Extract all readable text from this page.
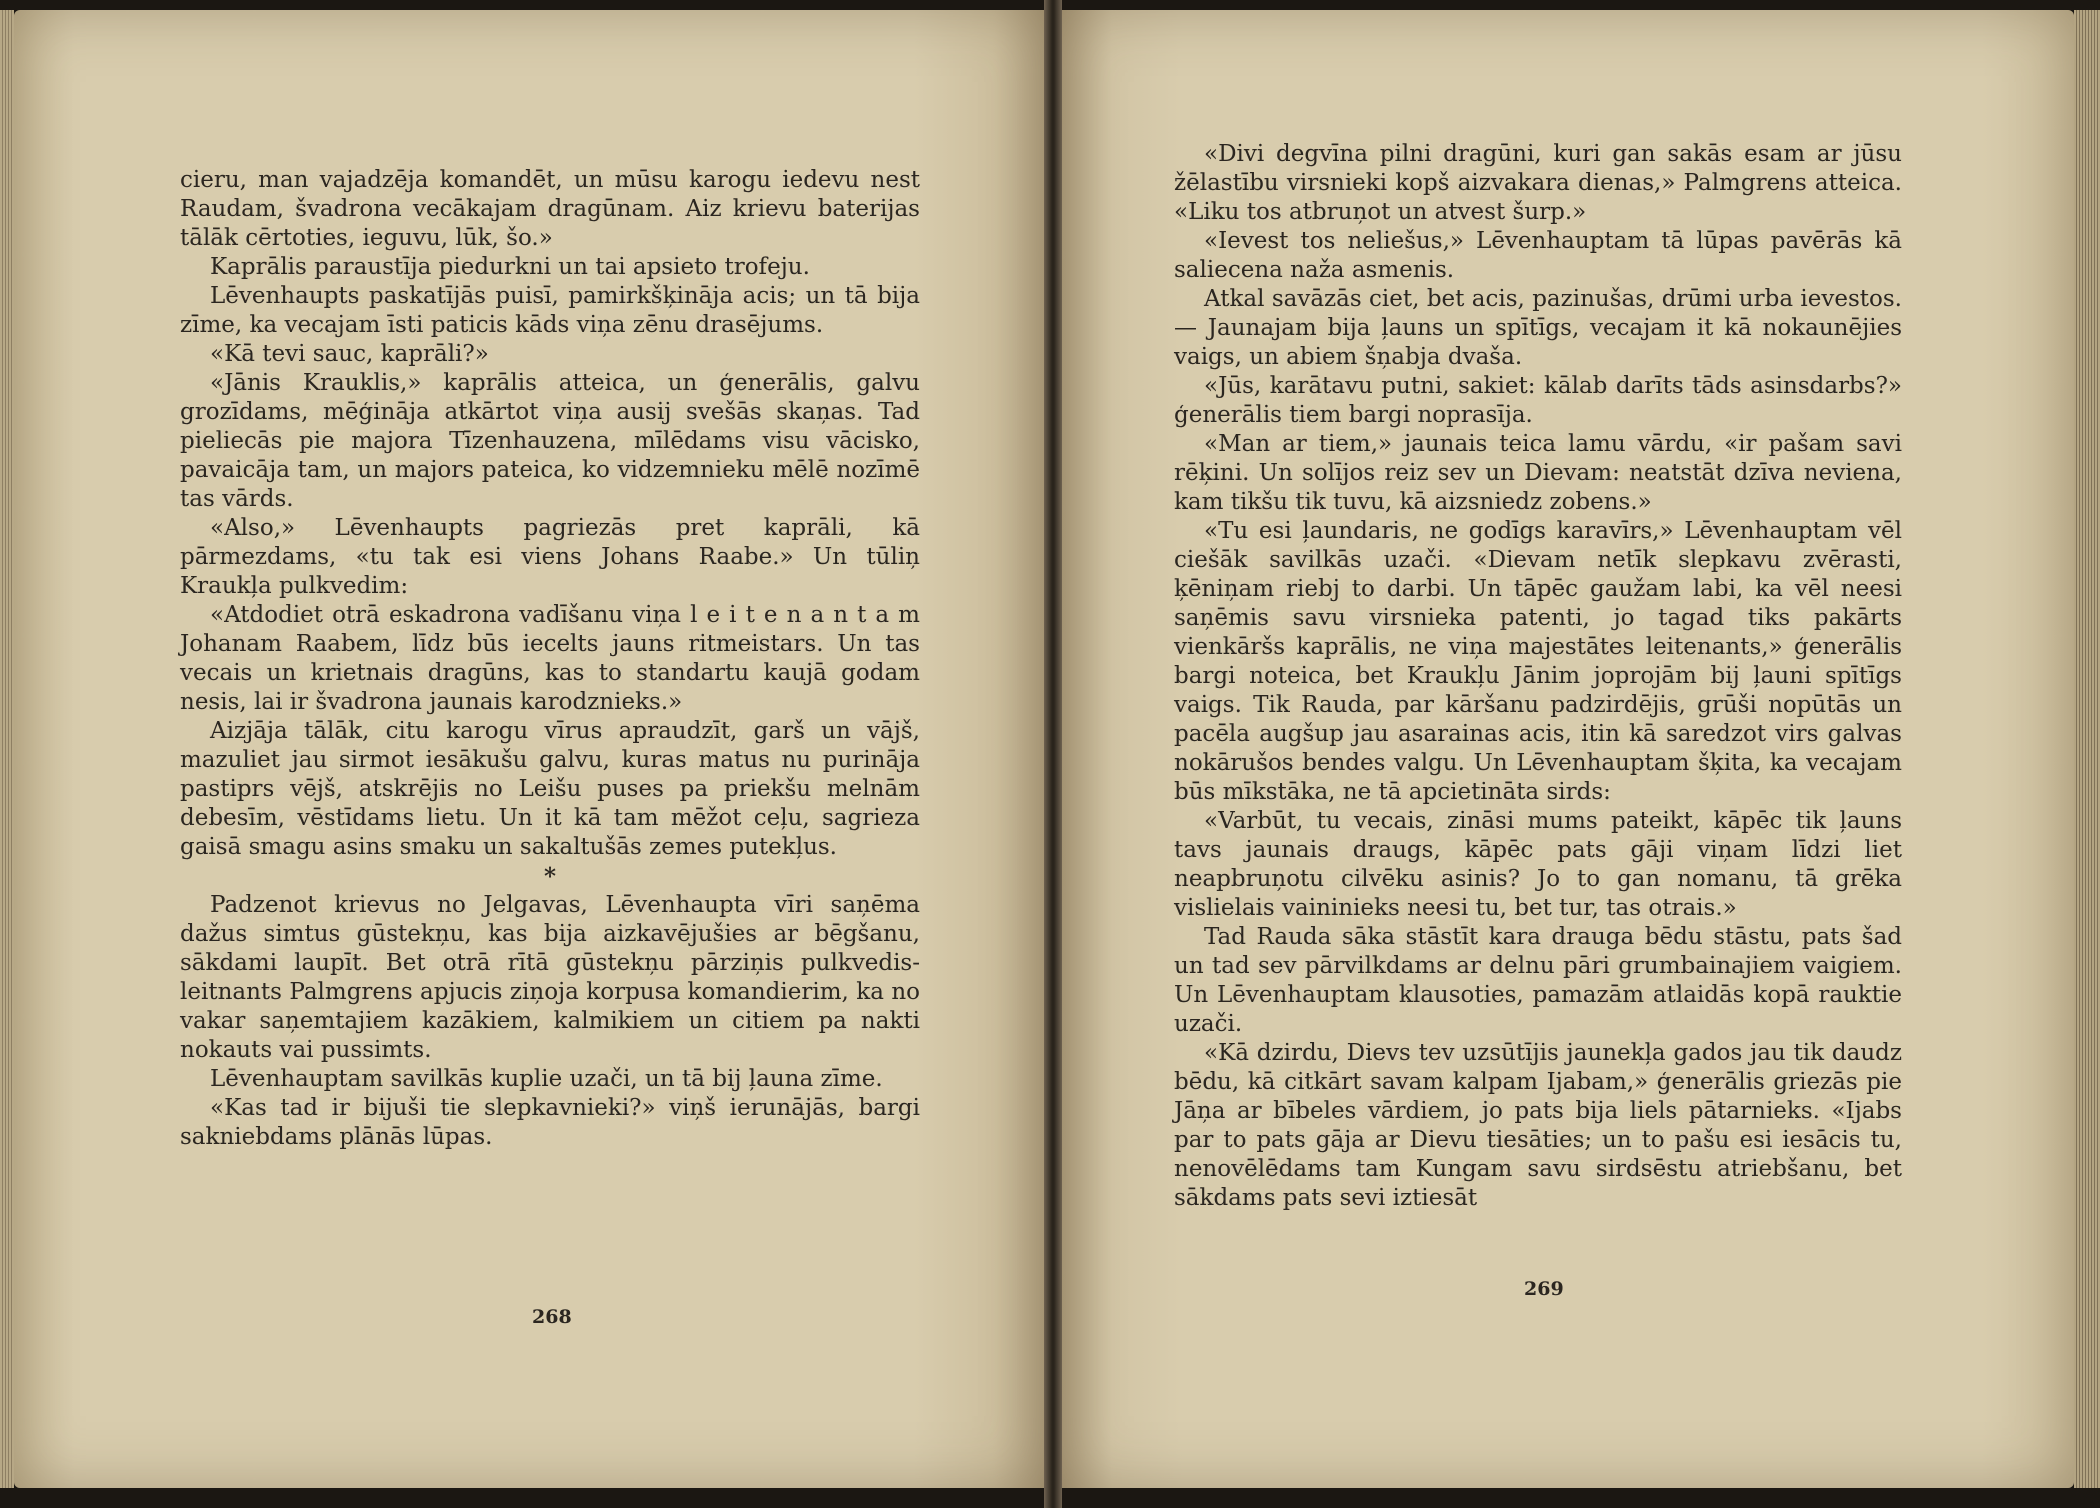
cieru, man vajadzēja komandēt, un mūsu karogu iedevu nest Raudam, švadrona vecākajam dragūnam. Aiz krievu baterijas tālāk cērtoties, ieguvu, lūk, šo.»

Kaprālis paraustīja piedurkni un tai apsieto trofeju.

Lēvenhaupts paskatījās puisī, pamirkšķināja acis; un tā bija zīme, ka vecajam īsti paticis kāds viņa zēnu drasējums.

«Kā tevi sauc, kaprāli?»

«Jānis Krauklis,» kaprālis atteica, un ģenerālis, galvu grozīdams, mēģināja atkārtot viņa ausij svešās skaņas. Tad pieliecās pie majora Tīzenhauzena, mīlēdams visu vācisko, pavaicāja tam, un majors pateica, ko vidzemnieku mēlē nozīmē tas vārds.

«Also,» Lēvenhaupts pagriezās pret kaprāli, kā pārmezdams, «tu tak esi viens Johans Raabe.» Un tūliņ Kraukļa pulkvedim:

«Atdodiet otrā eskadrona vadīšanu viņa l e i t e n a n t a m Johanam Raabem, līdz būs iecelts jauns ritmeistars. Un tas vecais un krietnais dragūns, kas to standartu kaujā godam nesis, lai ir švadrona jaunais karodznieks.»

Aizjāja tālāk, citu karogu vīrus apraudzīt, garš un vājš, mazuliet jau sirmot iesākušu galvu, kuras matus nu purināja pastiprs vējš, atskrējis no Leišu puses pa priekšu melnām debesīm, vēstīdams lietu. Un it kā tam mēžot ceļu, sagrieza gaisā smagu asins smaku un sakaltušās zemes putekļus.

*

Padzenot krievus no Jelgavas, Lēvenhaupta vīri saņēma dažus simtus gūstekņu, kas bija aizkavējušies ar bēgšanu, sākdami laupīt. Bet otrā rītā gūstekņu pārziņis pulkvedis-leitnants Palmgrens apjucis ziņoja korpusa komandierim, ka no vakar saņemtajiem kazākiem, kalmikiem un citiem pa nakti nokauts vai pussimts.

Lēvenhauptam savilkās kuplie uzači, un tā bij ļauna zīme.

«Kas tad ir bijuši tie slepkavnieki?» viņš ierunājās, bargi sakniebdams plānās lūpas.

268

«Divi degvīna pilni dragūni, kuri gan sakās esam ar jūsu žēlastību virsnieki kopš aizvakara dienas,» Palmgrens atteica. «Liku tos atbruņot un atvest šurp.»

«Ievest tos neliešus,» Lēvenhauptam tā lūpas pavērās kā saliecena naža asmenis.

Atkal savāzās ciet, bet acis, pazinušas, drūmi urba ievestos. — Jaunajam bija ļauns un spītīgs, vecajam it kā nokaunējies vaigs, un abiem šņabja dvaša.

«Jūs, karātavu putni, sakiet: kālab darīts tāds asinsdarbs?» ģenerālis tiem bargi noprasīja.

«Man ar tiem,» jaunais teica lamu vārdu, «ir pašam savi rēķini. Un solījos reiz sev un Dievam: neatstāt dzīva neviena, kam tikšu tik tuvu, kā aizsniedz zobens.»

«Tu esi ļaundaris, ne godīgs karavīrs,» Lēvenhauptam vēl ciešāk savilkās uzači. «Dievam netīk slepkavu zvērasti, ķēniņam riebj to darbi. Un tāpēc gaužam labi, ka vēl neesi saņēmis savu virsnieka patenti, jo tagad tiks pakārts vienkāršs kaprālis, ne viņa majestātes leitenants,» ģenerālis bargi noteica, bet Kraukļu Jānim joprojām bij ļauni spītīgs vaigs. Tik Rauda, par kāršanu padzirdējis, grūši nopūtās un pacēla augšup jau asarainas acis, itin kā saredzot virs galvas nokārušos bendes valgu. Un Lēvenhauptam šķita, ka vecajam būs mīkstāka, ne tā apcietināta sirds:

«Varbūt, tu vecais, zināsi mums pateikt, kāpēc tik ļauns tavs jaunais draugs, kāpēc pats gāji viņam līdzi liet neapbruņotu cilvēku asinis? Jo to gan nomanu, tā grēka vislielais vaininieks neesi tu, bet tur, tas otrais.»

Tad Rauda sāka stāstīt kara drauga bēdu stāstu, pats šad un tad sev pārvilkdams ar delnu pāri grumbainajiem vaigiem. Un Lēvenhauptam klausoties, pamazām atlaidās kopā rauktie uzači.

«Kā dzirdu, Dievs tev uzsūtījis jaunekļa gados jau tik daudz bēdu, kā citkārt savam kalpam Ijabam,» ģenerālis griezās pie Jāņa ar bībeles vārdiem, jo pats bija liels pātarnieks. «Ijabs par to pats gāja ar Dievu tiesāties; un to pašu esi iesācis tu, nenovēlēdams tam Kungam savu sirdsēstu atriebšanu, bet sākdams pats sevi iztiesāt

269
